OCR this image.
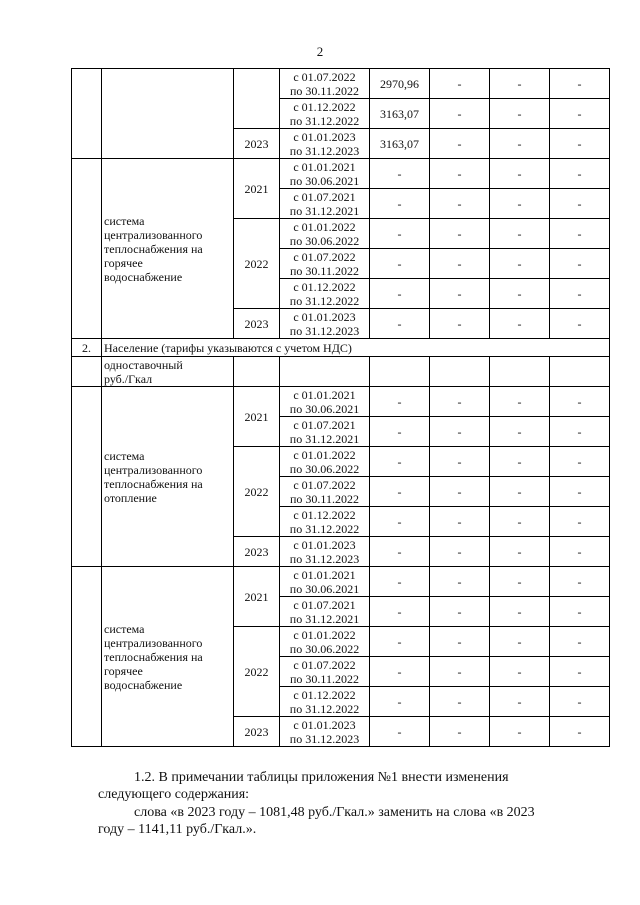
2
			с 01.07.2022
по 30.11.2022	2970,96	-	-	-
			с 01.12.2022
по 31.12.2022	3163,07	-	-	-
		2023	с 01.01.2023
по 31.12.2023	3163,07	-	-	-
	система
централизованного
теплоснабжения на
горячее
водоснабжение	2021	с 01.01.2021
по 30.06.2021	-	-	-	-
			с 01.07.2021
по 31.12.2021	-	-	-	-
		2022	с 01.01.2022
по 30.06.2022	-	-	-	-
			с 01.07.2022
по 30.11.2022	-	-	-	-
			с 01.12.2022
по 31.12.2022	-	-	-	-
		2023	с 01.01.2023
по 31.12.2023	-	-	-	-
2.	Население (тарифы указываются с учетом НДС)						
	одноставочный
руб./Гкал						
	система
централизованного
теплоснабжения на
отопление	2021	с 01.01.2021
по 30.06.2021	-	-	-	-
			с 01.07.2021
по 31.12.2021	-	-	-	-
		2022	с 01.01.2022
по 30.06.2022	-	-	-	-
			с 01.07.2022
по 30.11.2022	-	-	-	-
			с 01.12.2022
по 31.12.2022	-	-	-	-
		2023	с 01.01.2023
по 31.12.2023	-	-	-	-
	система
централизованного
теплоснабжения на
горячее
водоснабжение	2021	с 01.01.2021
по 30.06.2021	-	-	-	-
			с 01.07.2021
по 31.12.2021	-	-	-	-
		2022	с 01.01.2022
по 30.06.2022	-	-	-	-
			с 01.07.2022
по 30.11.2022	-	-	-	-
			с 01.12.2022
по 31.12.2022	-	-	-	-
		2023	с 01.01.2023
по 31.12.2023	-	-	-	-
1.2. В примечании таблицы приложения №1 внести изменения
следующего содержания:
слова «в 2023 году – 1081,48 руб./Гкал.» заменить на слова «в 2023
году – 1141,11 руб./Гкал.».
